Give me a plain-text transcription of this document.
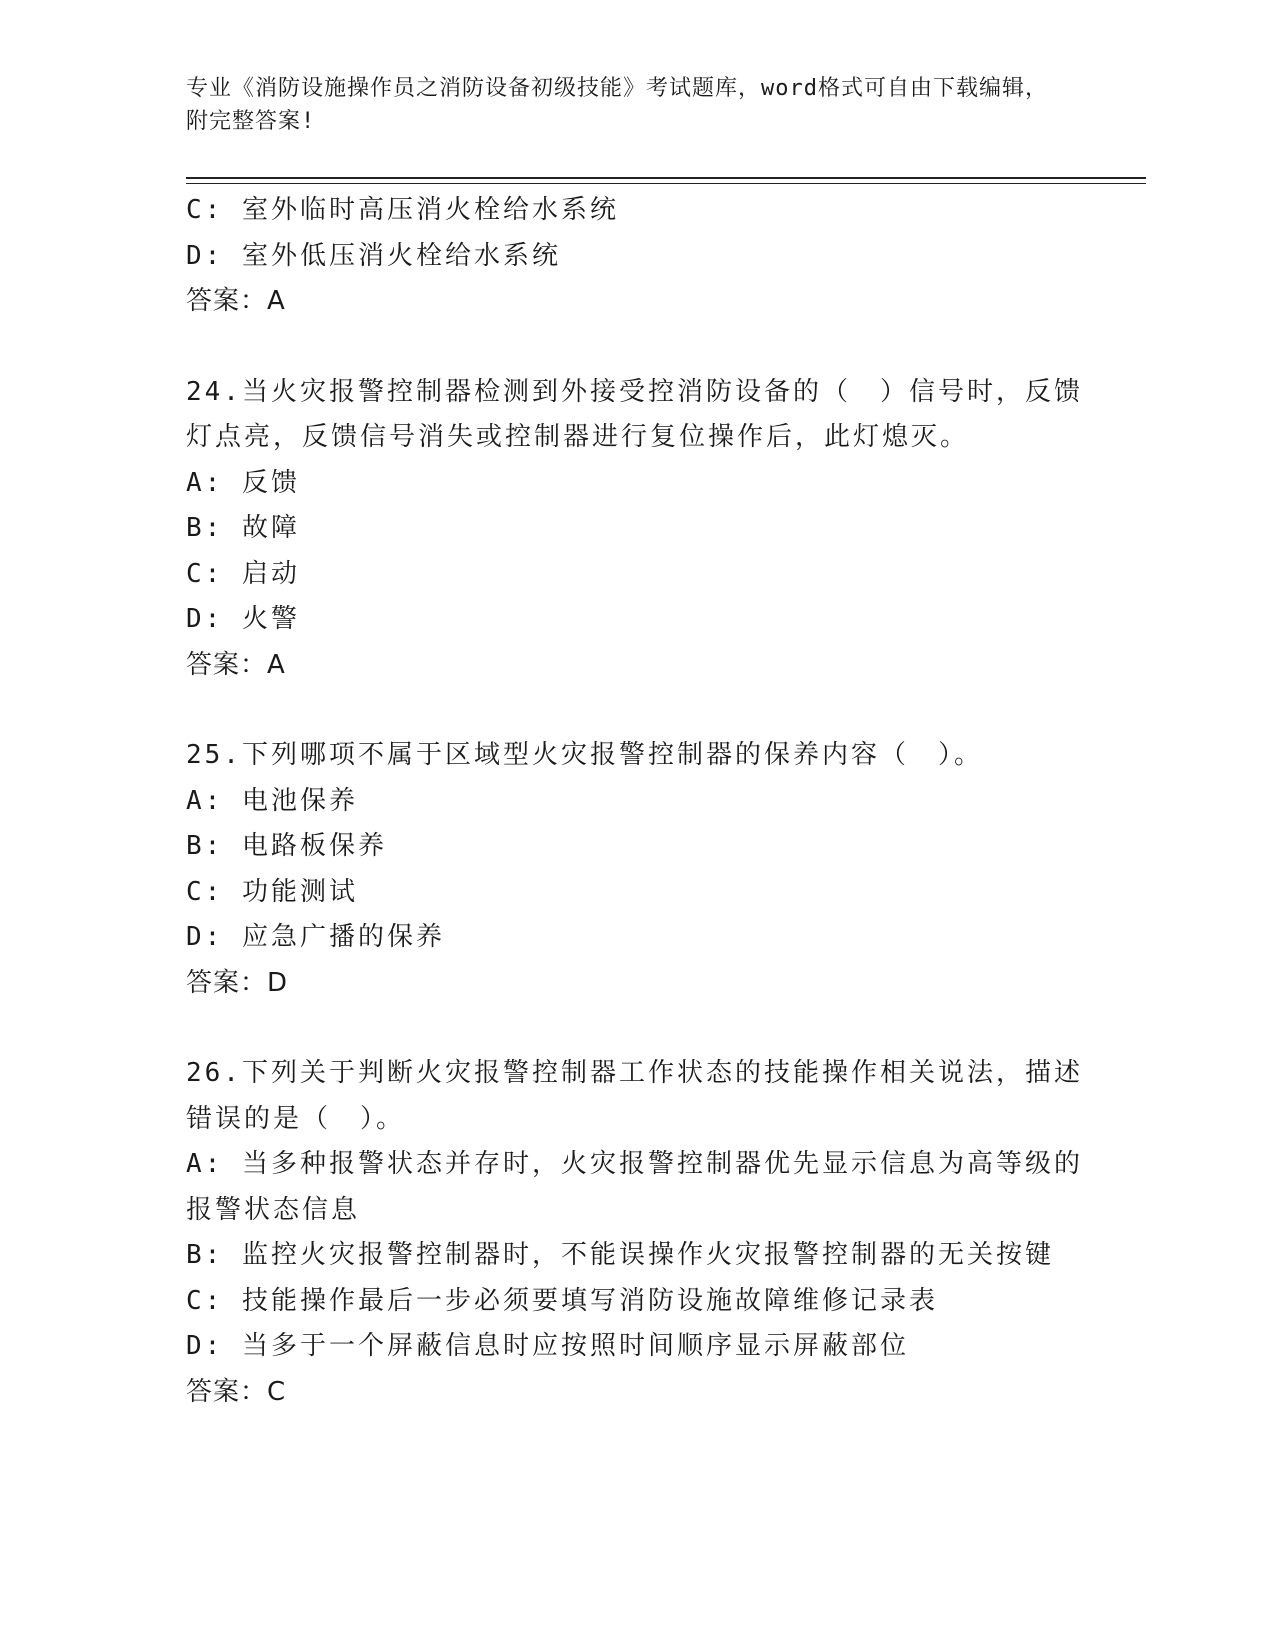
专业《消防设施操作员之消防设备初级技能》考试题库，word格式可自由下载编辑，附完整答案!
C: 室外临时高压消火栓给水系统
D: 室外低压消火栓给水系统
答案：A
24.当火灾报警控制器检测到外接受控消防设备的（　）信号时，反馈灯点亮，反馈信号消失或控制器进行复位操作后，此灯熄灭。
A: 反馈
B: 故障
C: 启动
D: 火警
答案：A
25.下列哪项不属于区域型火灾报警控制器的保养内容（　）。
A: 电池保养
B: 电路板保养
C: 功能测试
D: 应急广播的保养
答案：D
26.下列关于判断火灾报警控制器工作状态的技能操作相关说法，描述错误的是（　）。
A: 当多种报警状态并存时，火灾报警控制器优先显示信息为高等级的报警状态信息
B: 监控火灾报警控制器时，不能误操作火灾报警控制器的无关按键
C: 技能操作最后一步必须要填写消防设施故障维修记录表
D: 当多于一个屏蔽信息时应按照时间顺序显示屏蔽部位
答案：C
